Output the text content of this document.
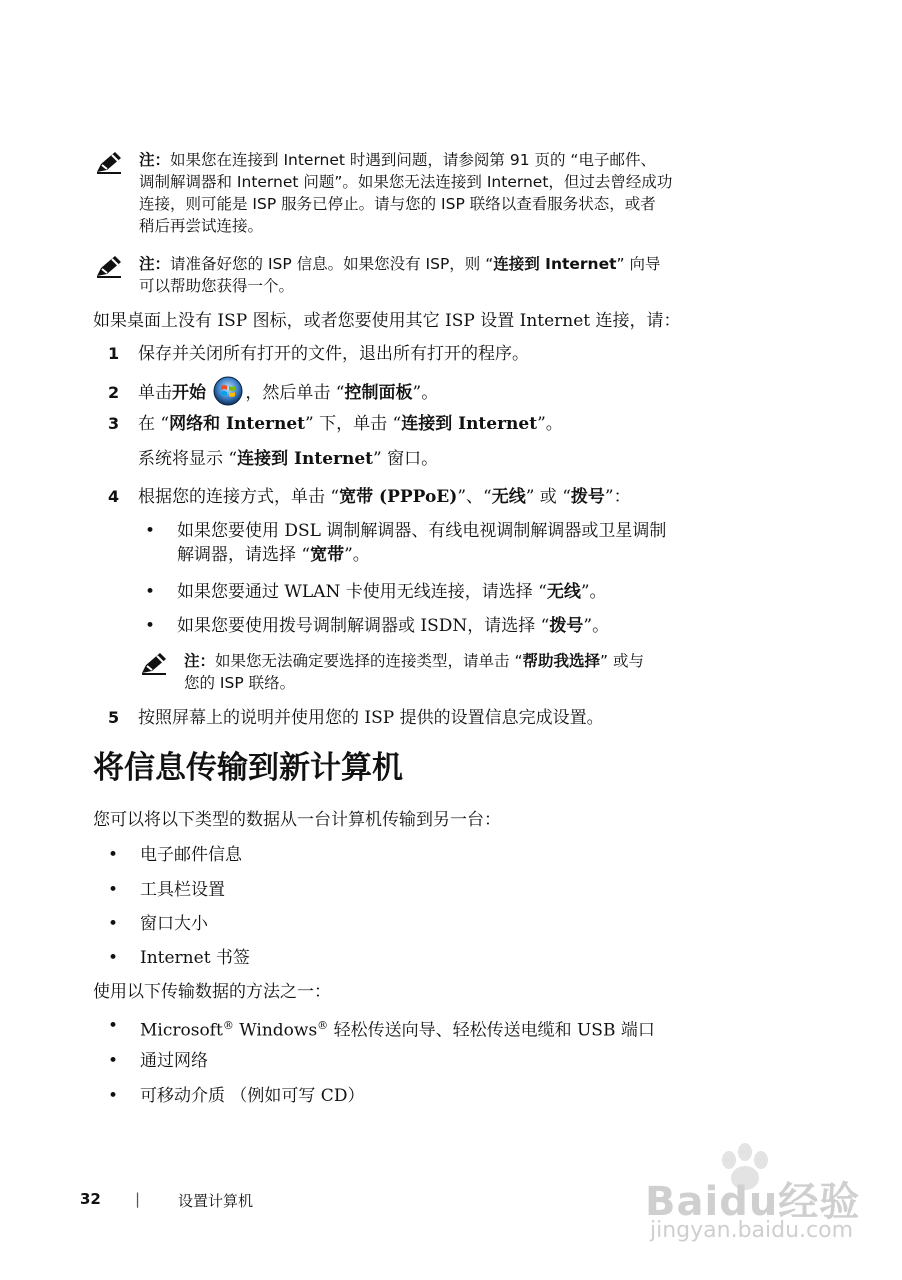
注：如果您在连接到 Internet 时遇到问题，请参阅第 91 页的 “电子邮件、
调制解调器和 Internet 问题”。如果您无法连接到 Internet，但过去曾经成功
连接，则可能是 ISP 服务已停止。请与您的 ISP 联络以查看服务状态，或者
稍后再尝试连接。
注：请准备好您的 ISP 信息。如果您没有 ISP，则 “连接到 Internet” 向导
可以帮助您获得一个。
如果桌面上没有 ISP 图标，或者您要使用其它 ISP 设置 Internet 连接，请：
1 保存并关闭所有打开的文件，退出所有打开的程序。
2 单击开始 ，然后单击 “控制面板”。
3 在 “网络和 Internet” 下，单击 “连接到 Internet”。
系统将显示 “连接到 Internet” 窗口。
4 根据您的连接方式，单击 “宽带 (PPPoE)”、“无线” 或 “拨号”：
• 如果您要使用 DSL 调制解调器、有线电视调制解调器或卫星调制
解调器，请选择 “宽带”。
• 如果您要通过 WLAN 卡使用无线连接，请选择 “无线”。
• 如果您要使用拨号调制解调器或 ISDN，请选择 “拨号”。
注：如果您无法确定要选择的连接类型，请单击 “帮助我选择” 或与
您的 ISP 联络。
5 按照屏幕上的说明并使用您的 ISP 提供的设置信息完成设置。
将信息传输到新计算机
您可以将以下类型的数据从一台计算机传输到另一台：
• 电子邮件信息
• 工具栏设置
• 窗口大小
• Internet 书签
使用以下传输数据的方法之一：
• Microsoft® Windows® 轻松传送向导、轻松传送电缆和 USB 端口
• 通过网络
• 可移动介质 （例如可写 CD）
32 |	设置计算机	Baidu经验
jingyan.baidu.com
